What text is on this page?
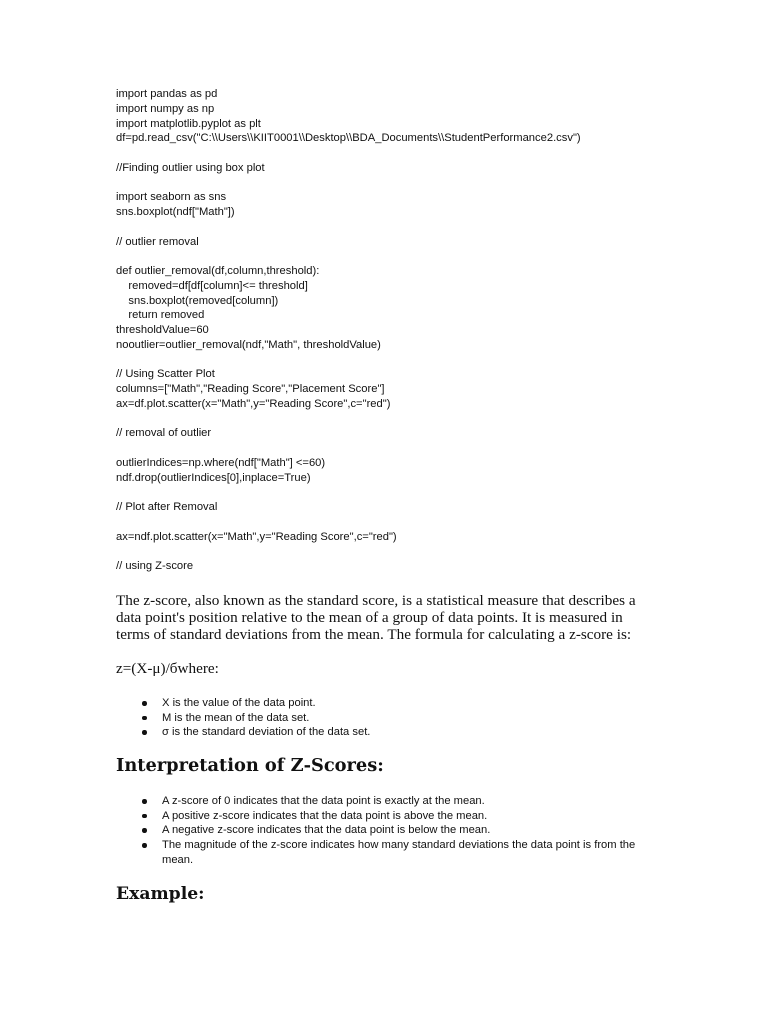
import pandas as pd
import numpy as np
import matplotlib.pyplot as plt
df=pd.read_csv("C:\\Users\\KIIT0001\\Desktop\\BDA_Documents\\StudentPerformance2.csv")
//Finding outlier using box plot
import seaborn as sns
sns.boxplot(ndf["Math"])
// outlier removal
def outlier_removal(df,column,threshold):
removed=df[df[column]<= threshold]
sns.boxplot(removed[column])
return removed
thresholdValue=60
nooutlier=outlier_removal(ndf,"Math", thresholdValue)
// Using Scatter Plot
columns=["Math","Reading Score","Placement Score"]
ax=df.plot.scatter(x="Math",y="Reading Score",c="red")
// removal of outlier
outlierIndices=np.where(ndf["Math"] <=60)
ndf.drop(outlierIndices[0],inplace=True)
// Plot after Removal
ax=ndf.plot.scatter(x="Math",y="Reading Score",c="red")
// using Z-score

The z-score, also known as the standard score, is a statistical measure that describes a data point's position relative to the mean of a group of data points. It is measured in terms of standard deviations from the mean. The formula for calculating a z-score is:

z=(X-μ)/бwhere:
X is the value of the data point.
M is the mean of the data set.
σ is the standard deviation of the data set.
Interpretation of Z-Scores:
A z-score of 0 indicates that the data point is exactly at the mean.
A positive z-score indicates that the data point is above the mean.
A negative z-score indicates that the data point is below the mean.
The magnitude of the z-score indicates how many standard deviations the data point is from the mean.
Example:
